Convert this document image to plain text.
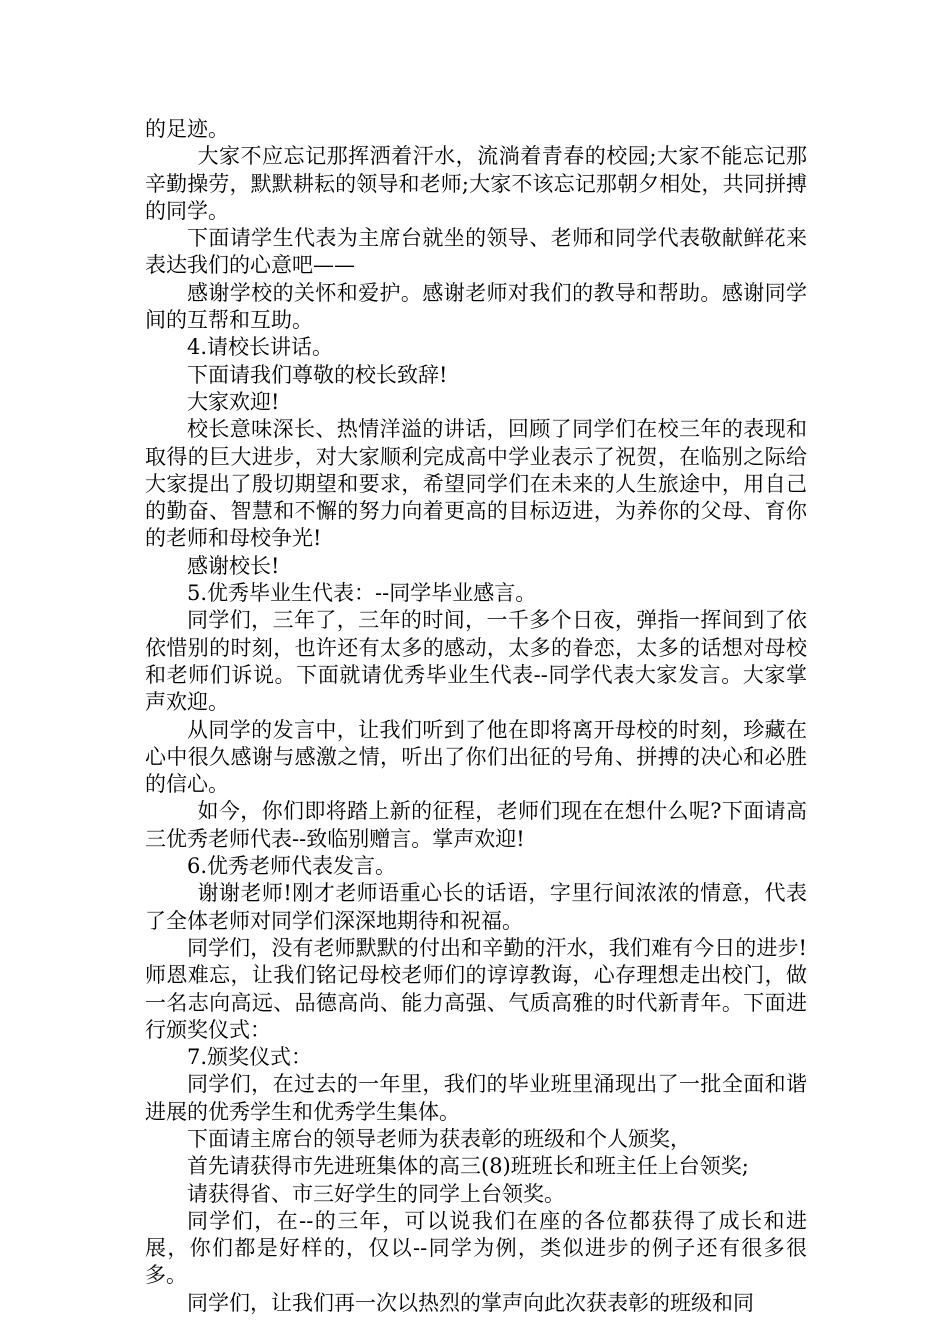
的足迹。

大家不应忘记那挥洒着汗水，流淌着青春的校园;大家不能忘记那辛勤操劳，默默耕耘的领导和老师;大家不该忘记那朝夕相处，共同拼搏的同学。

下面请学生代表为主席台就坐的领导、老师和同学代表敬献鲜花来表达我们的心意吧——

感谢学校的关怀和爱护。感谢老师对我们的教导和帮助。感谢同学间的互帮和互助。

4.请校长讲话。

下面请我们尊敬的校长致辞!

大家欢迎!

校长意味深长、热情洋溢的讲话，回顾了同学们在校三年的表现和取得的巨大进步，对大家顺利完成高中学业表示了祝贺，在临别之际给大家提出了殷切期望和要求，希望同学们在未来的人生旅途中，用自己的勤奋、智慧和不懈的努力向着更高的目标迈进，为养你的父母、育你的老师和母校争光!

感谢校长!

5.优秀毕业生代表：--同学毕业感言。

同学们，三年了，三年的时间，一千多个日夜，弹指一挥间到了依依惜别的时刻，也许还有太多的感动，太多的眷恋，太多的话想对母校和老师们诉说。下面就请优秀毕业生代表--同学代表大家发言。大家掌声欢迎。

从同学的发言中，让我们听到了他在即将离开母校的时刻，珍藏在心中很久感谢与感激之情，听出了你们出征的号角、拼搏的决心和必胜的信心。

如今，你们即将踏上新的征程，老师们现在在想什么呢?下面请高三优秀老师代表--致临别赠言。掌声欢迎!

6.优秀老师代表发言。

谢谢老师!刚才老师语重心长的话语，字里行间浓浓的情意，代表了全体老师对同学们深深地期待和祝福。

同学们，没有老师默默的付出和辛勤的汗水，我们难有今日的进步!师恩难忘，让我们铭记母校老师们的谆谆教诲，心存理想走出校门，做一名志向高远、品德高尚、能力高强、气质高雅的时代新青年。下面进行颁奖仪式：

7.颁奖仪式：

同学们，在过去的一年里，我们的毕业班里涌现出了一批全面和谐进展的优秀学生和优秀学生集体。

下面请主席台的领导老师为获表彰的班级和个人颁奖，

首先请获得市先进班集体的高三(8)班班长和班主任上台领奖;

请获得省、市三好学生的同学上台领奖。

同学们，在--的三年，可以说我们在座的各位都获得了成长和进展，你们都是好样的，仅以--同学为例，类似进步的例子还有很多很多。

同学们，让我们再一次以热烈的掌声向此次获表彰的班级和同
